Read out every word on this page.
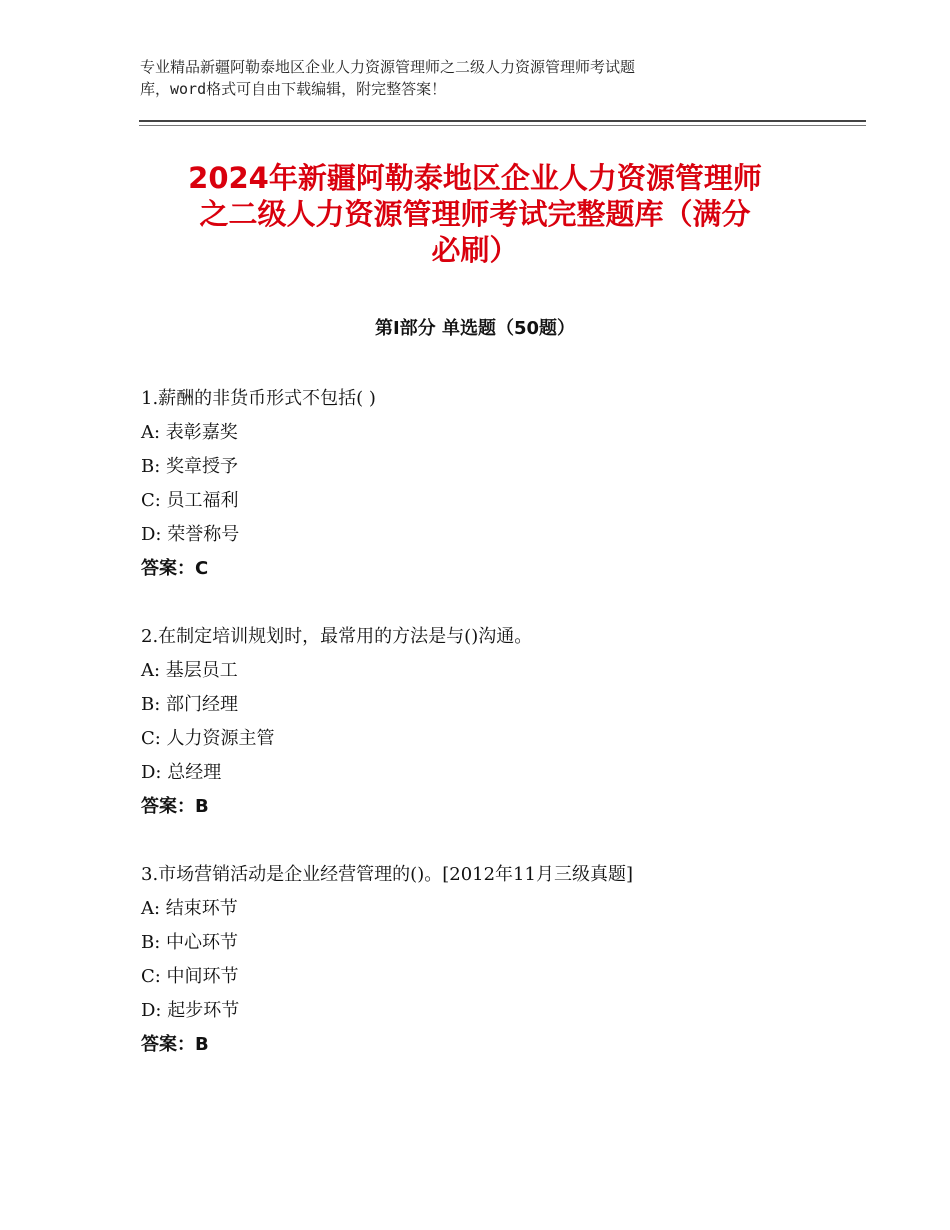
专业精品新疆阿勒泰地区企业人力资源管理师之二级人力资源管理师考试题
库，word格式可自由下载编辑，附完整答案！
2024年新疆阿勒泰地区企业人力资源管理师
之二级人力资源管理师考试完整题库（满分
必刷）
第Ⅰ部分 单选题（50题）
1.薪酬的非货币形式不包括( )
A: 表彰嘉奖
B: 奖章授予
C: 员工福利
D: 荣誉称号
答案：C
2.在制定培训规划时，最常用的方法是与()沟通。
A: 基层员工
B: 部门经理
C: 人力资源主管
D: 总经理
答案：B
3.市场营销活动是企业经营管理的()。[2012年11月三级真题]
A: 结束环节
B: 中心环节
C: 中间环节
D: 起步环节
答案：B
